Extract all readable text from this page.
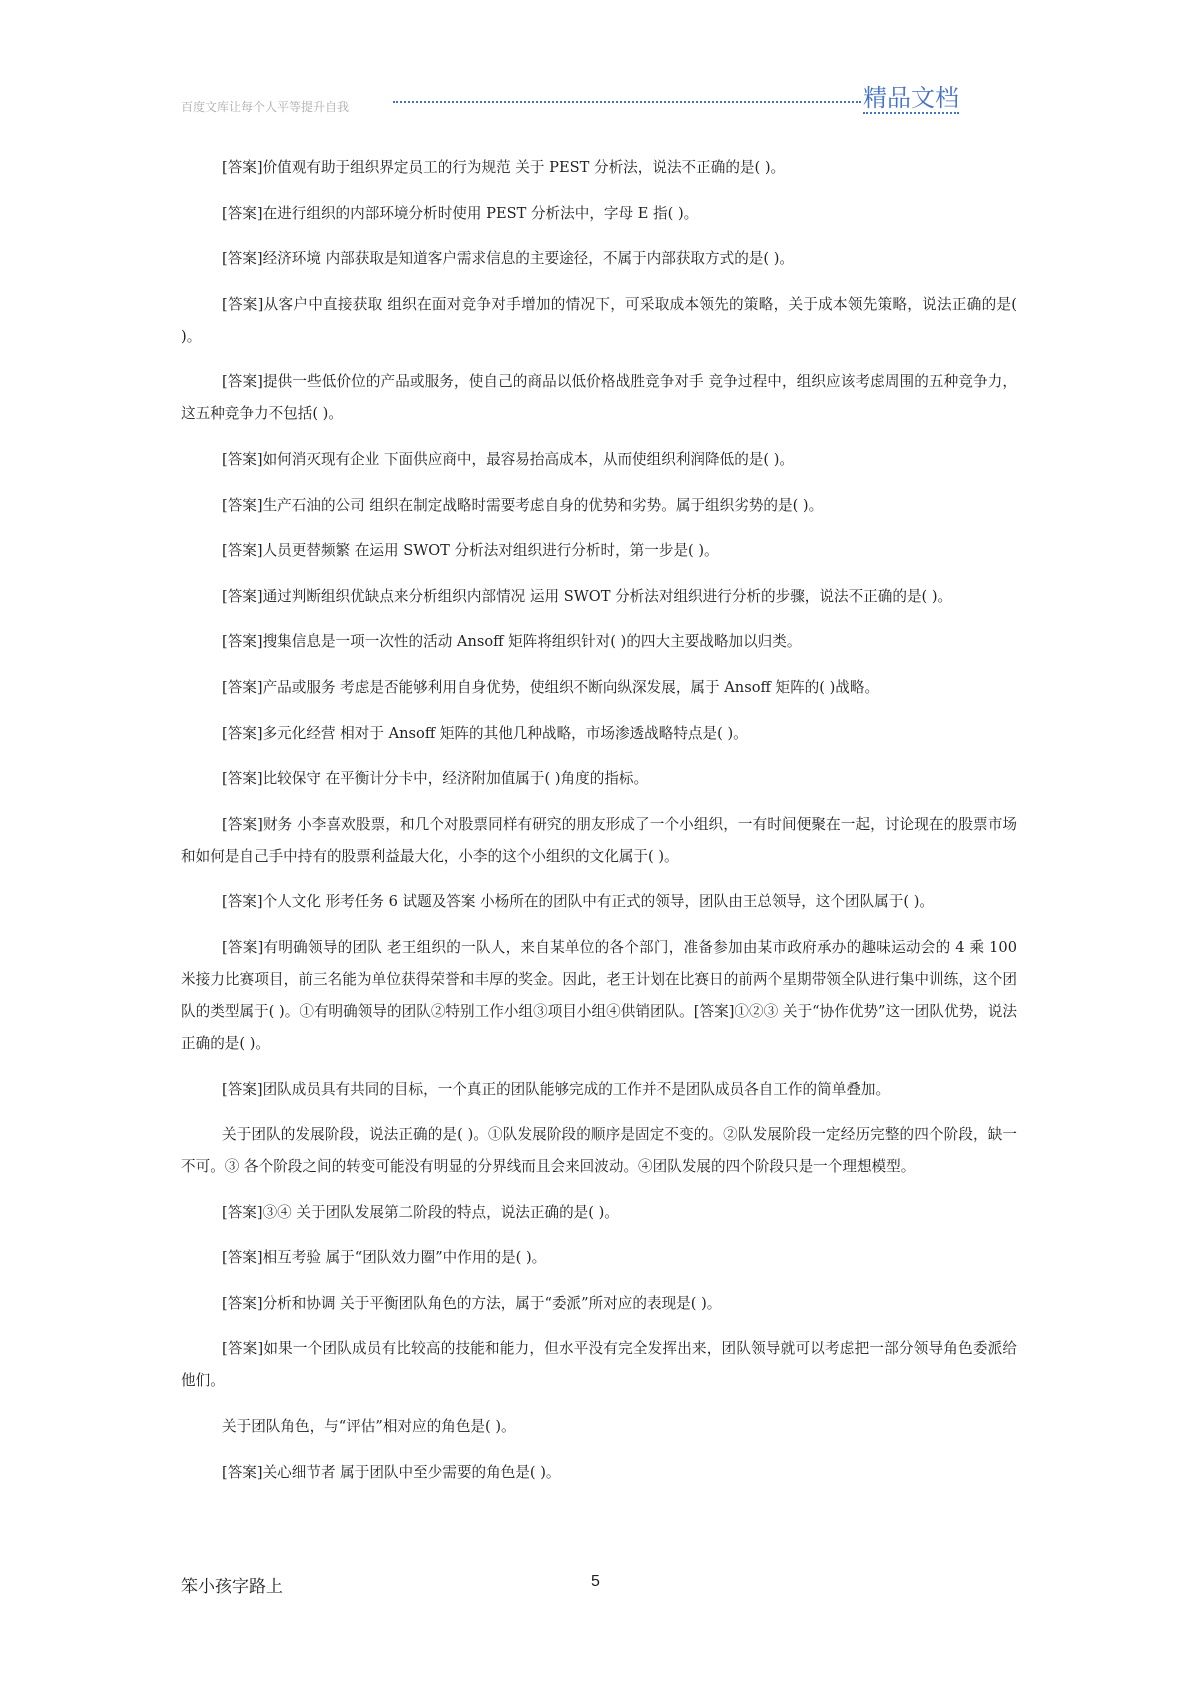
百度文库让每个人平等提升自我	精品文档

[答案]价值观有助于组织界定员工的行为规范 关于 PEST 分析法，说法不正确的是( )。

[答案]在进行组织的内部环境分析时使用 PEST 分析法中，字母 E 指( )。

[答案]经济环境 内部获取是知道客户需求信息的主要途径，不属于内部获取方式的是( )。

[答案]从客户中直接获取 组织在面对竞争对手增加的情况下，可采取成本领先的策略，关于成本领先策略，说法正确的是( )。

[答案]提供一些低价位的产品或服务，使自己的商品以低价格战胜竞争对手 竞争过程中，组织应该考虑周围的五种竞争力，这五种竞争力不包括( )。

[答案]如何消灭现有企业 下面供应商中，最容易抬高成本，从而使组织利润降低的是( )。

[答案]生产石油的公司 组织在制定战略时需要考虑自身的优势和劣势。属于组织劣势的是( )。

[答案]人员更替频繁 在运用 SWOT 分析法对组织进行分析时，第一步是( )。

[答案]通过判断组织优缺点来分析组织内部情况 运用 SWOT 分析法对组织进行分析的步骤，说法不正确的是( )。

[答案]搜集信息是一项一次性的活动 Ansoff 矩阵将组织针对( )的四大主要战略加以归类。

[答案]产品或服务 考虑是否能够利用自身优势，使组织不断向纵深发展，属于 Ansoff 矩阵的( )战略。

[答案]多元化经营 相对于 Ansoff 矩阵的其他几种战略，市场渗透战略特点是( )。

[答案]比较保守 在平衡计分卡中，经济附加值属于( )角度的指标。

[答案]财务 小李喜欢股票，和几个对股票同样有研究的朋友形成了一个小组织，一有时间便聚在一起，讨论现在的股票市场和如何是自己手中持有的股票利益最大化，小李的这个小组织的文化属于( )。

[答案]个人文化 形考任务 6 试题及答案 小杨所在的团队中有正式的领导，团队由王总领导，这个团队属于( )。

[答案]有明确领导的团队 老王组织的一队人，来自某单位的各个部门，准备参加由某市政府承办的趣味运动会的 4 乘 100 米接力比赛项目，前三名能为单位获得荣誉和丰厚的奖金。因此，老王计划在比赛日的前两个星期带领全队进行集中训练，这个团队的类型属于( )。①有明确领导的团队②特别工作小组③项目小组④供销团队。[答案]①②③ 关于“协作优势”这一团队优势，说法正确的是( )。

[答案]团队成员具有共同的目标，一个真正的团队能够完成的工作并不是团队成员各自工作的简单叠加。

关于团队的发展阶段，说法正确的是( )。①队发展阶段的顺序是固定不变的。②队发展阶段一定经历完整的四个阶段，缺一不可。③ 各个阶段之间的转变可能没有明显的分界线而且会来回波动。④团队发展的四个阶段只是一个理想模型。

[答案]③④ 关于团队发展第二阶段的特点，说法正确的是( )。

[答案]相互考验 属于“团队效力圈”中作用的是( )。

[答案]分析和协调 关于平衡团队角色的方法，属于“委派”所对应的表现是( )。

[答案]如果一个团队成员有比较高的技能和能力，但水平没有完全发挥出来，团队领导就可以考虑把一部分领导角色委派给他们。

关于团队角色，与“评估”相对应的角色是( )。

[答案]关心细节者 属于团队中至少需要的角色是( )。

笨小孩字路上	5
